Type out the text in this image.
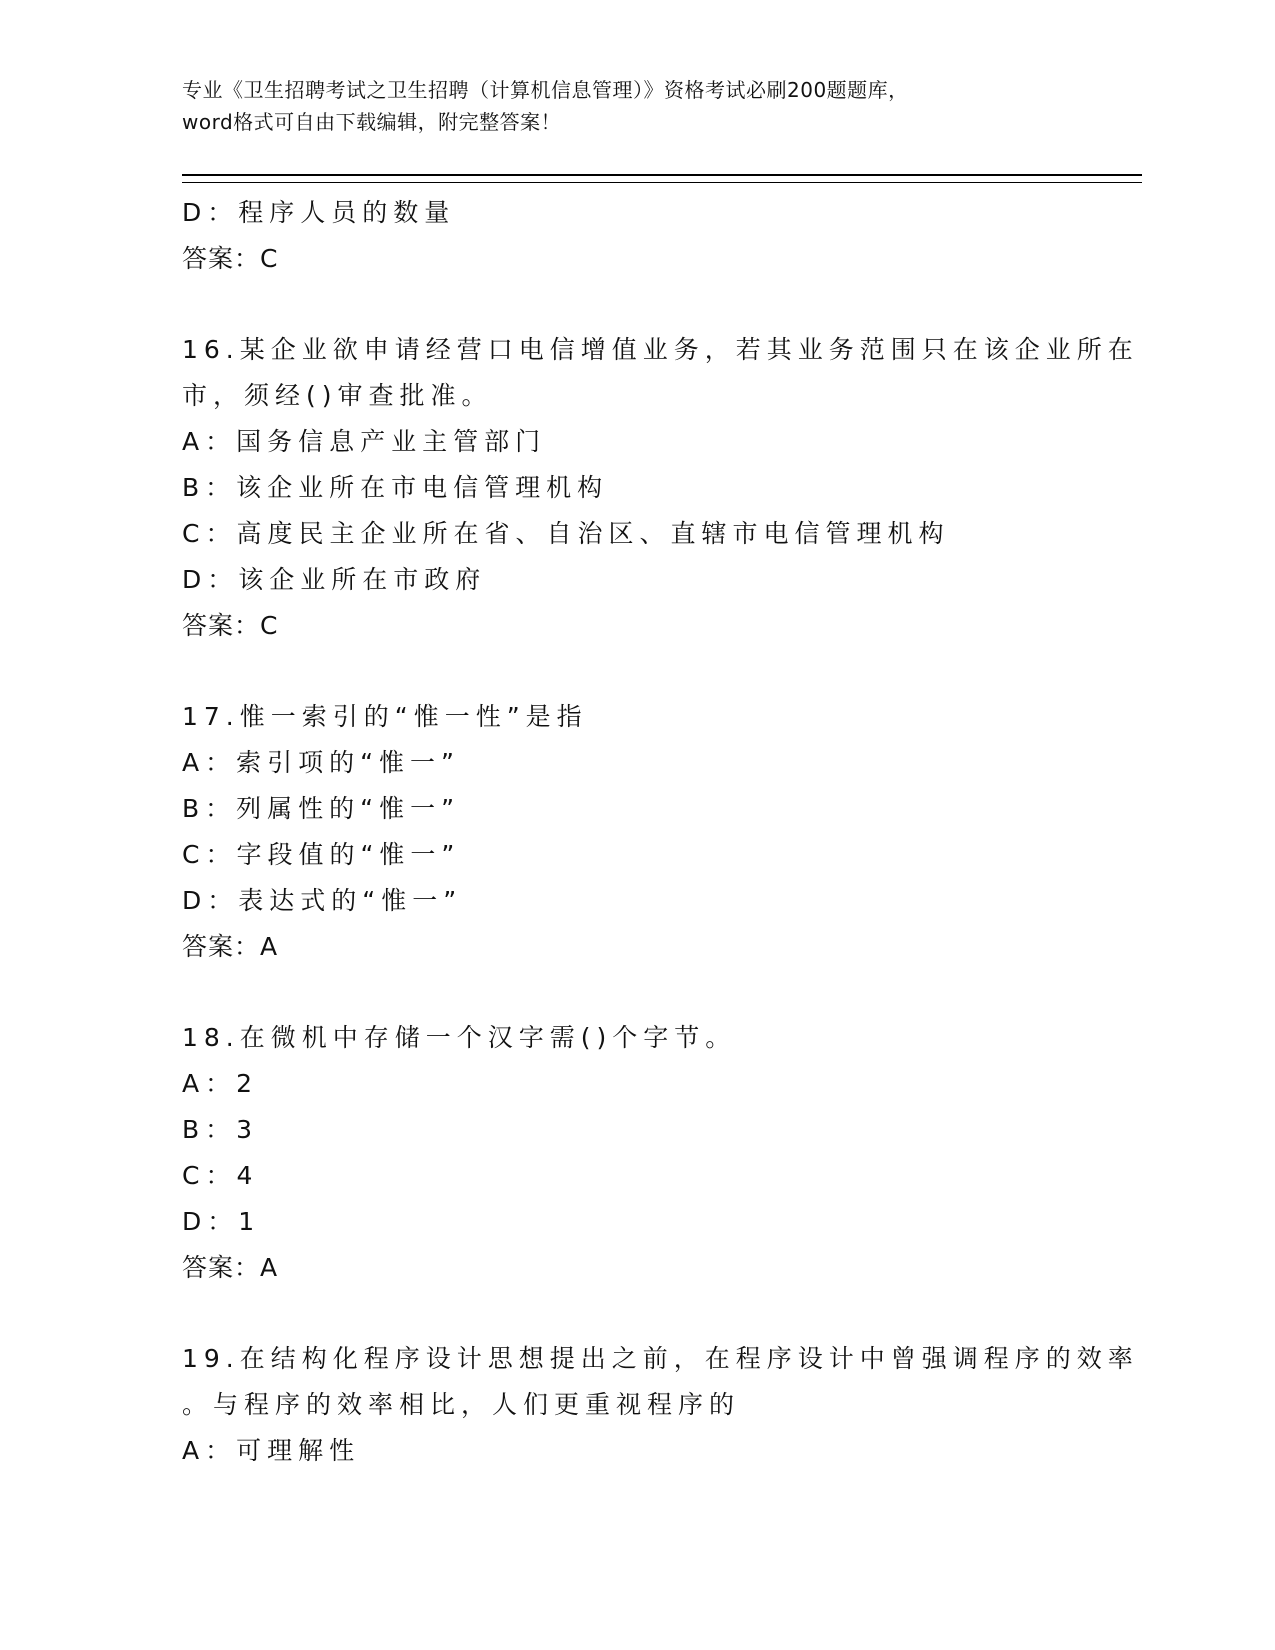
专业《卫生招聘考试之卫生招聘（计算机信息管理）》资格考试必刷200题题库，
word格式可自由下载编辑，附完整答案！
D：程序人员的数量
答案：C
16.某企业欲申请经营口电信增值业务，若其业务范围只在该企业所在
市，须经()审查批准。
A：国务信息产业主管部门
B：该企业所在市电信管理机构
C：高度民主企业所在省、自治区、直辖市电信管理机构
D：该企业所在市政府
答案：C
17.惟一索引的“惟一性”是指
A：索引项的“惟一”
B：列属性的“惟一”
C：字段值的“惟一”
D：表达式的“惟一”
答案：A
18.在微机中存储一个汉字需()个字节。
A：2
B：3
C：4
D：1
答案：A
19.在结构化程序设计思想提出之前，在程序设计中曾强调程序的效率
。与程序的效率相比，人们更重视程序的
A：可理解性
